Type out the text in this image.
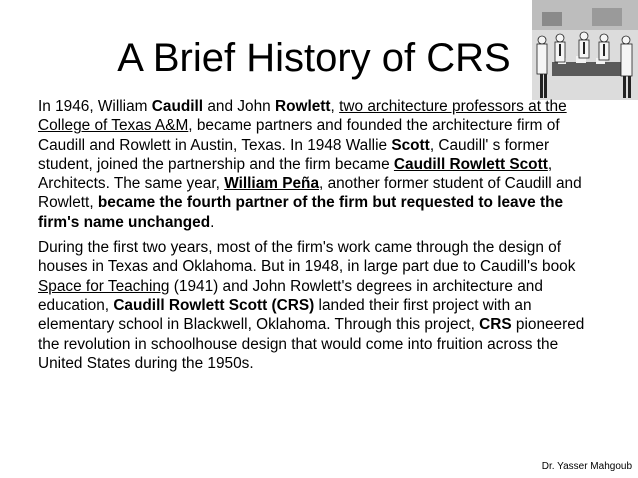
A Brief History of CRS

In 1946, William Caudill and John Rowlett, two architecture professors at the College of Texas A&M, became partners and founded the architecture firm of Caudill and Rowlett in Austin, Texas. In 1948 Wallie Scott, Caudill' s former student, joined the partnership and the firm became Caudill Rowlett Scott, Architects. The same year, William Peña, another former student of Caudill and Rowlett, became the fourth partner of the firm but requested to leave the firm's name unchanged.

During the first two years, most of the firm's work came through the design of houses in Texas and Oklahoma. But in 1948, in large part due to Caudill's book Space for Teaching (1941) and John Rowlett's degrees in architecture and education, Caudill Rowlett Scott (CRS) landed their first project with an elementary school in Blackwell, Oklahoma. Through this project, CRS pioneered the revolution in schoolhouse design that would come into fruition across the United States during the 1950s.

Dr. Yasser Mahgoub
